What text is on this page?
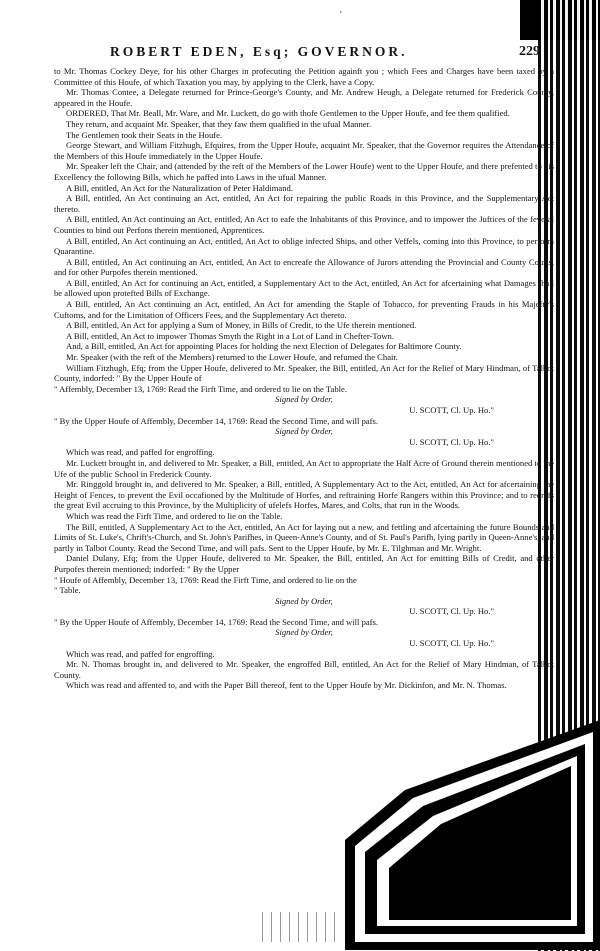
'
ROBERT EDEN, Esq; GOVERNOR.	229

to Mr. Thomas Cockey Deye, for his other Charges in profecuting the Petition againft you ; which Fees and Charges have been taxed by a Committee of this Houfe, of which Taxation you may, by applying to the Clerk, have a Copy.

Mr. Thomas Contee, a Delegate returned for Prince-George's County, and Mr. Andrew Heugh, a Delegate returned for Frederick County, appeared in the Houfe.

ORDERED, That Mr. Beall, Mr. Ware, and Mr. Luckett, do go with thofe Gentlemen to the Upper Houfe, and fee them qualified.

They return, and acquaint Mr. Speaker, that they faw them qualified in the ufual Manner.

The Gentlemen took their Seats in the Houfe.

George Stewart, and William Fitzhugh, Efquires, from the Upper Houfe, acquaint Mr. Speaker, that the Governor requires the Attendance of the Members of this Houfe immediately in the Upper Houfe.

Mr. Speaker left the Chair, and (attended by the reft of the Members of the Lower Houfe) went to the Upper Houfe, and there prefented to his Excellency the following Bills, which he paffed into Laws in the ufual Manner.

A Bill, entitled, An Act for the Naturalization of Peter Haldimand.

A Bill, entitled, An Act continuing an Act, entitled, An Act for repairing the public Roads in this Province, and the Supplementary Act thereto.

A Bill, entitled, An Act continuing an Act, entitled, An Act to eafe the Inhabitants of this Province, and to impower the Juftices of the feveral Counties to bind out Perfons therein mentioned, Apprentices.

A Bill, entitled, An Act continuing an Act, entitled, An Act to oblige infected Ships, and other Veffels, coming into this Province, to perform Quarantine.

A Bill, entitled, An Act continuing an Act, entitled, An Act to encreafe the Allowance of Jurors attending the Provincial and County Courts, and for other Purpofes therein mentioned.

A Bill, entitled, An Act for continuing an Act, entitled, a Supplementary Act to the Act, entitled, An Act for afcertaining what Damages fhall be allowed upon protefted Bills of Exchange.

A Bill, entitled, An Act continuing an Act, entitled, An Act for amending the Staple of Tobacco, for preventing Frauds in his Majefty's Cuftoms, and for the Limitation of Officers Fees, and the Supplementary Act thereto.

A Bill, entitled, An Act for applying a Sum of Money, in Bills of Credit, to the Ufe therein mentioned.

A Bill, entitled, An Act to impower Thomas Smyth the Right in a Lot of Land in Chefter-Town.

And, a Bill, entitled, An Act for appointing Places for holding the next Election of Delegates for Baltimore County.

Mr. Speaker (with the reft of the Members) returned to the Lower Houfe, and refumed the Chair.

William Fitzhugh, Efq; from the Upper Houfe, delivered to Mr. Speaker, the Bill, entitled, An Act for the Relief of Mary Hindman, of Talbot County, indorfed: " By the Upper Houfe of

" Affembly, December 13, 1769: Read the Firft Time, and ordered to lie on the Table.

Signed by Order,

U. SCOTT, Cl. Up. Ho."

" By the Upper Houfe of Affembly, December 14, 1769: Read the Second Time, and will pafs.

Signed by Order,

U. SCOTT, Cl. Up. Ho."

Which was read, and paffed for engroffing.

Mr. Luckett brought in, and delivered to Mr. Speaker, a Bill, entitled, An Act to appropriate the Half Acre of Ground therein mentioned to the Ufe of the public School in Frederick County.

Mr. Ringgold brought in, and delivered to Mr. Speaker, a Bill, entitled, A Supplementary Act to the Act, entitled, An Act for afcertaining the Height of Fences, to prevent the Evil occafioned by the Multitude of Horfes, and reftraining Horfe Rangers within this Province; and to redrefs the great Evil accruing to this Province, by the Multiplicity of ufelefs Horfes, Mares, and Colts, that run in the Woods.

Which was read the Firft Time, and ordered to lie on the Table.

The Bill, entitled, A Supplementary Act to the Act, entitled, An Act for laying out a new, and fettling and afcertaining the future Bounds and Limits of St. Luke's, Chrift's-Church, and St. John's Parifhes, in Queen-Anne's County, and of St. Paul's Parifh, lying partly in Queen-Anne's, and partly in Talbot County. Read the Second Time, and will pafs. Sent to the Upper Houfe, by Mr. E. Tilghman and Mr. Wright.

Daniel Dulany, Efq; from the Upper Houfe, delivered to Mr. Speaker, the Bill, entitled, An Act for emitting Bills of Credit, and other Purpofes therein mentioned; indorfed: " By the Upper

" Houfe of Affembly, December 13, 1769: Read the Firft Time, and ordered to lie on the

" Table.

Signed by Order,

U. SCOTT, Cl. Up. Ho."

" By the Upper Houfe of Affembly, December 14, 1769: Read the Second Time, and will pafs.

Signed by Order,

U. SCOTT, Cl. Up. Ho."

Which was read, and paffed for engroffing.

Mr. N. Thomas brought in, and delivered to Mr. Speaker, the engroffed Bill, entitled, An Act for the Relief of Mary Hindman, of Talbot County.

Which was read and affented to, and with the Paper Bill thereof, fent to the Upper Houfe by Mr. Dickinfon, and Mr. N. Thomas.
